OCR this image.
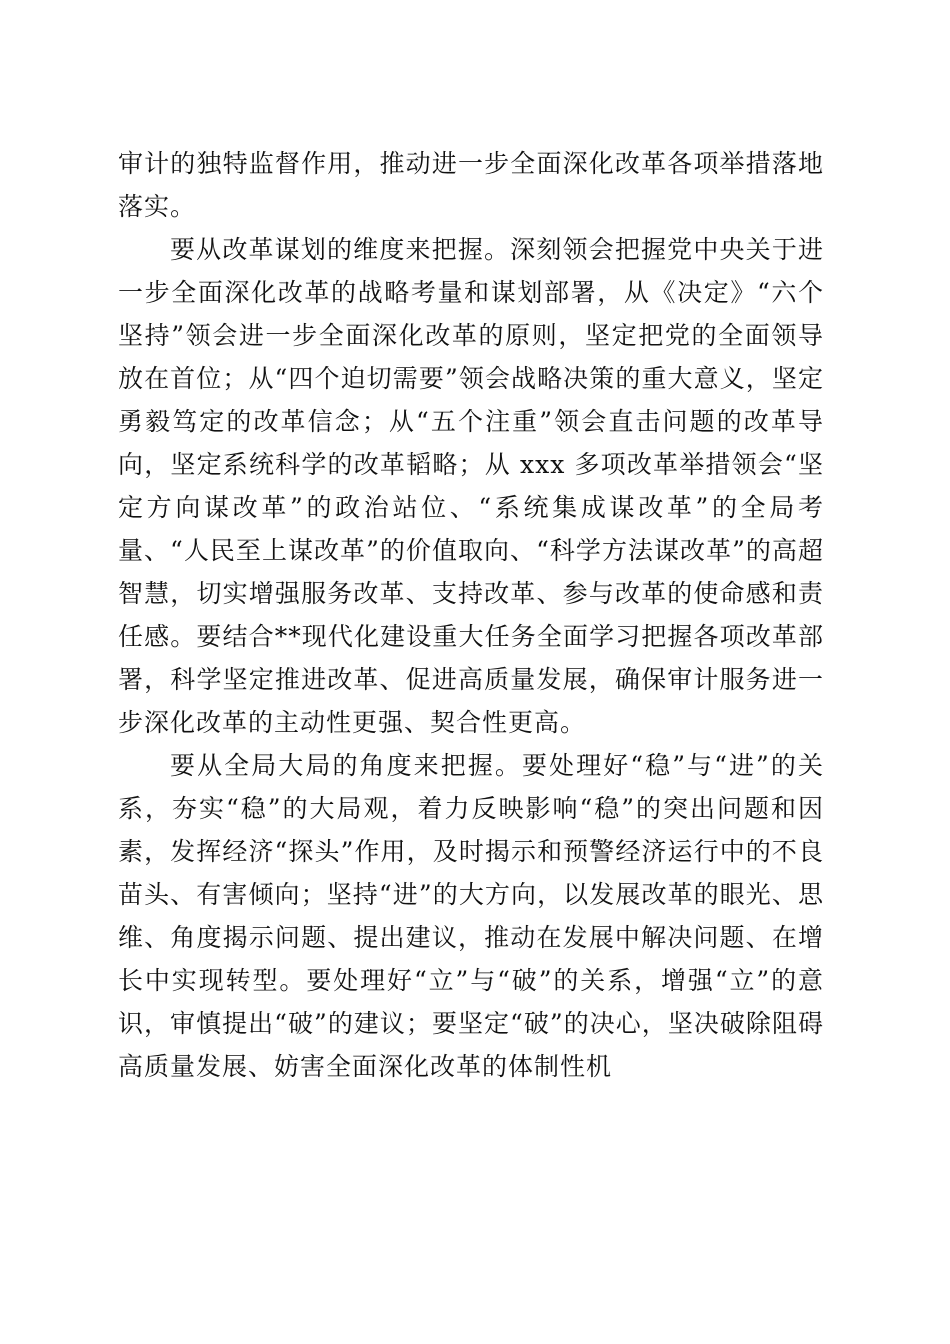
审计的独特监督作用，推动进一步全面深化改革各项举措落地落实。

要从改革谋划的维度来把握。深刻领会把握党中央关于进一步全面深化改革的战略考量和谋划部署，从《决定》“六个坚持”领会进一步全面深化改革的原则，坚定把党的全面领导放在首位；从“四个迫切需要”领会战略决策的重大意义，坚定勇毅笃定的改革信念；从“五个注重”领会直击问题的改革导向，坚定系统科学的改革韬略；从 xxx 多项改革举措领会“坚定方向谋改革”的政治站位、“系统集成谋改革”的全局考量、“人民至上谋改革”的价值取向、“科学方法谋改革”的高超智慧，切实增强服务改革、支持改革、参与改革的使命感和责任感。要结合**现代化建设重大任务全面学习把握各项改革部署，科学坚定推进改革、促进高质量发展，确保审计服务进一步深化改革的主动性更强、契合性更高。

要从全局大局的角度来把握。要处理好“稳”与“进”的关系，夯实“稳”的大局观，着力反映影响“稳”的突出问题和因素，发挥经济“探头”作用，及时揭示和预警经济运行中的不良苗头、有害倾向；坚持“进”的大方向，以发展改革的眼光、思维、角度揭示问题、提出建议，推动在发展中解决问题、在增长中实现转型。要处理好“立”与“破”的关系，增强“立”的意识，审慎提出“破”的建议；要坚定“破”的决心，坚决破除阻碍高质量发展、妨害全面深化改革的体制性机
